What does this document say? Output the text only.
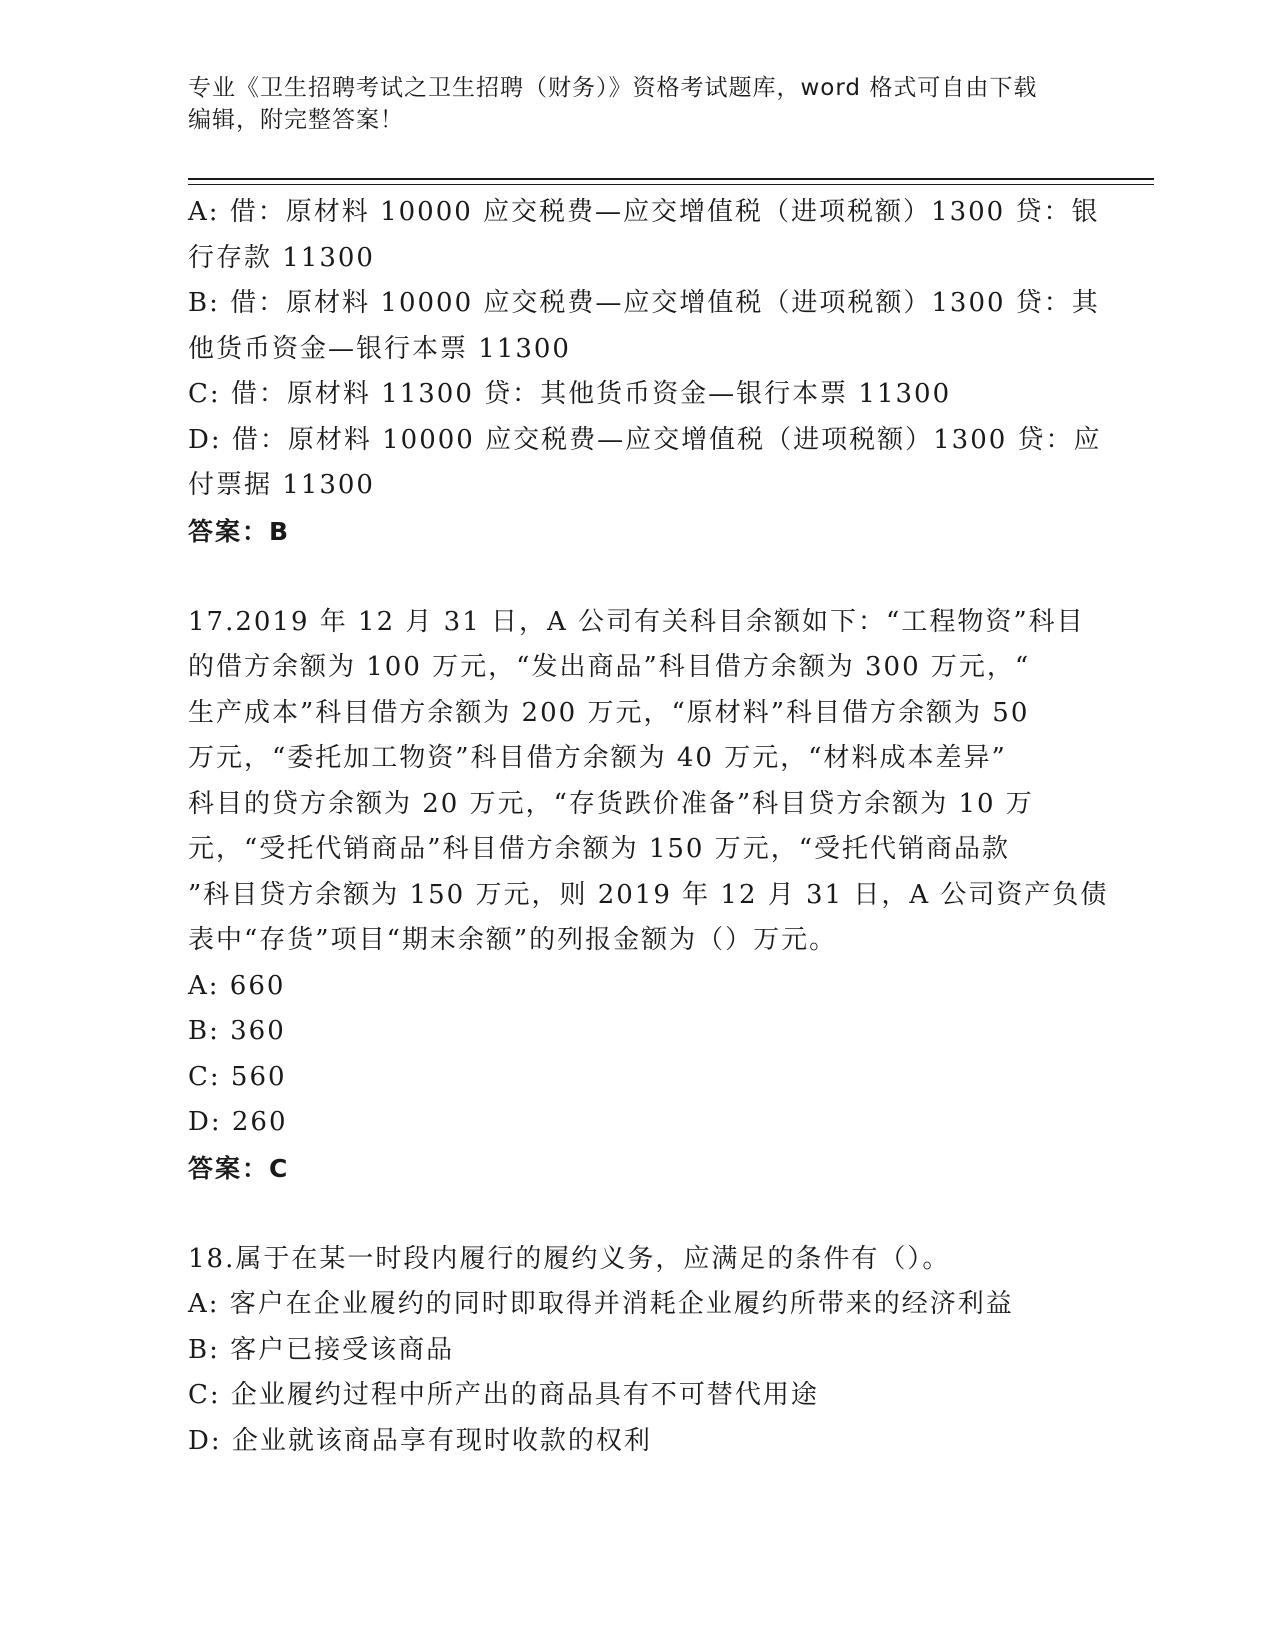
专业《卫生招聘考试之卫生招聘（财务）》资格考试题库，word 格式可自由下载
编辑，附完整答案！
A: 借：原材料 10000 应交税费—应交增值税（进项税额）1300 贷：银
行存款 11300
B: 借：原材料 10000 应交税费—应交增值税（进项税额）1300 贷：其
他货币资金—银行本票 11300
C: 借：原材料 11300 贷：其他货币资金—银行本票 11300
D: 借：原材料 10000 应交税费—应交增值税（进项税额）1300 贷：应
付票据 11300
答案：B
17.2019 年 12 月 31 日，A 公司有关科目余额如下：“工程物资”科目
的借方余额为 100 万元，“发出商品”科目借方余额为 300 万元，“
生产成本”科目借方余额为 200 万元，“原材料”科目借方余额为 50
万元，“委托加工物资”科目借方余额为 40 万元，“材料成本差异”
科目的贷方余额为 20 万元，“存货跌价准备”科目贷方余额为 10 万
元，“受托代销商品”科目借方余额为 150 万元，“受托代销商品款
”科目贷方余额为 150 万元，则 2019 年 12 月 31 日，A 公司资产负债
表中“存货”项目“期末余额”的列报金额为（）万元。
A: 660
B: 360
C: 560
D: 260
答案：C
18.属于在某一时段内履行的履约义务，应满足的条件有（）。
A: 客户在企业履约的同时即取得并消耗企业履约所带来的经济利益
B: 客户已接受该商品
C: 企业履约过程中所产出的商品具有不可替代用途
D: 企业就该商品享有现时收款的权利
